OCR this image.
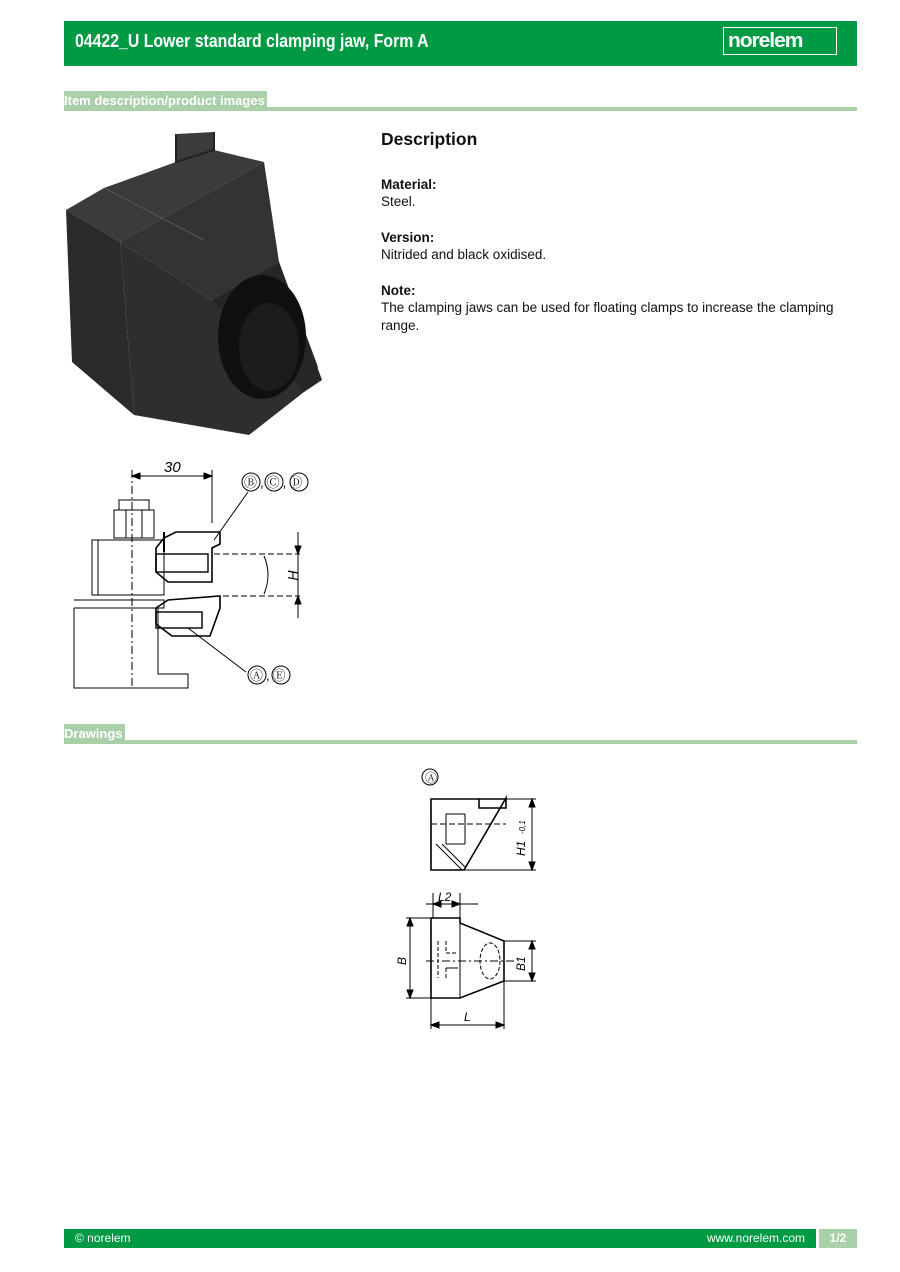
04422_U Lower standard clamping jaw, Form A	norelem
Item description/product images
30
Ⓑ,Ⓒ,Ⓓ
H
Ⓐ,Ⓔ
Description
Material:
Steel.
Version:
Nitrided and black oxidised.
Note:
The clamping jaws can be used for floating clamps to increase the clamping range.
Drawings
Ⓐ
H1
-0,1
L2
B	B1
L
© norelem	www.norelem.com	1/2
